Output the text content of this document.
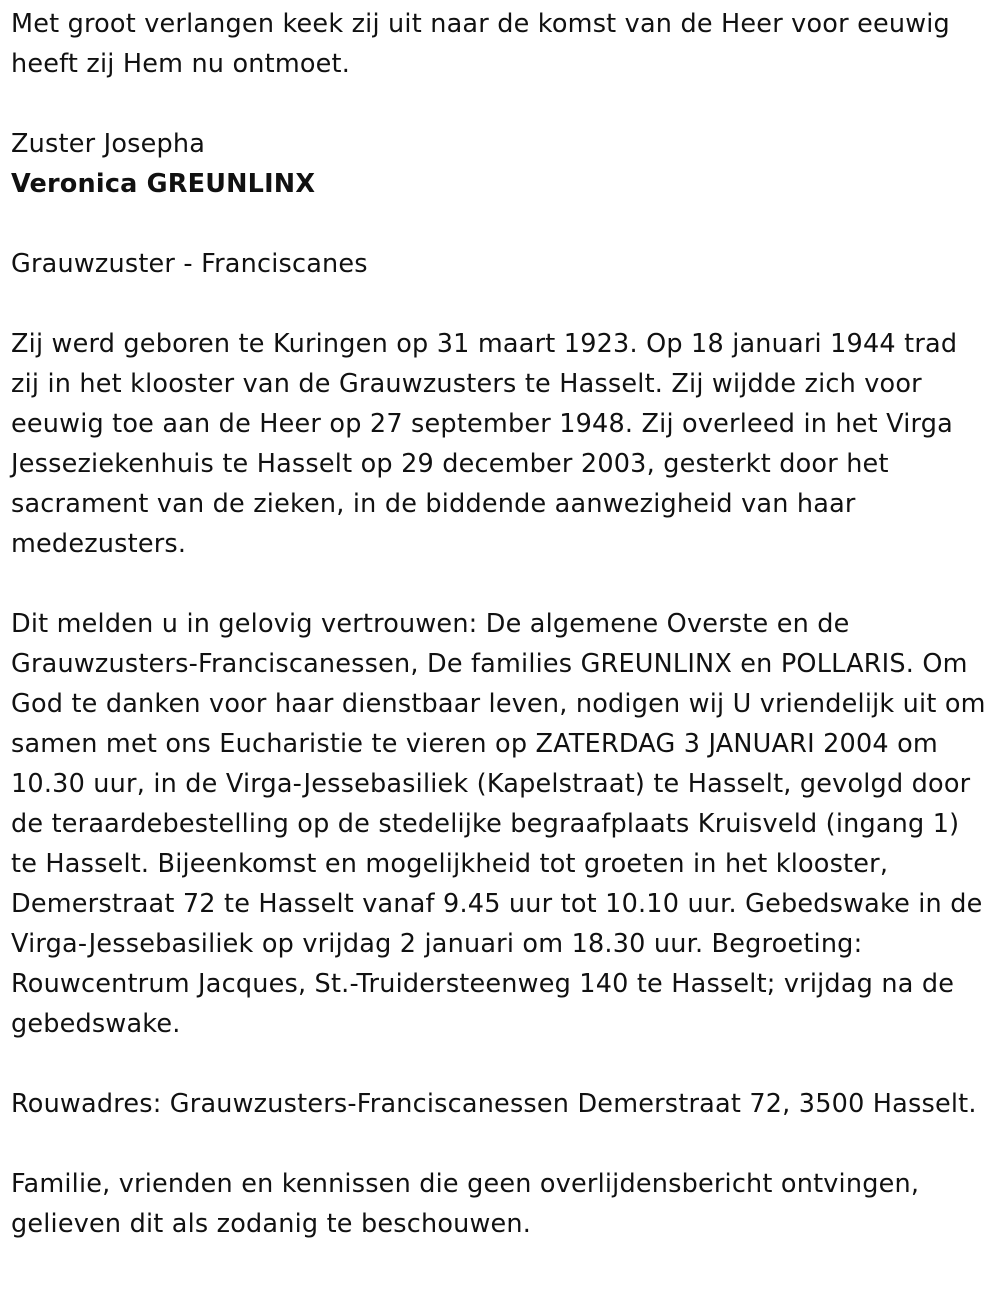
Met groot verlangen keek zij uit naar de komst van de Heer voor eeuwig heeft zij Hem nu ontmoet.

Zuster Josepha

Veronica GREUNLINX

Grauwzuster - Franciscanes

Zij werd geboren te Kuringen op 31 maart 1923. Op 18 januari 1944 trad zij in het klooster van de Grauwzusters te Hasselt. Zij wijdde zich voor eeuwig toe aan de Heer op 27 september 1948. Zij overleed in het Virga Jesseziekenhuis te Hasselt op 29 december 2003, gesterkt door het sacrament van de zieken, in de biddende aanwezigheid van haar medezusters.

Dit melden u in gelovig vertrouwen: De algemene Overste en de Grauwzusters-Franciscanessen, De families GREUNLINX en POLLARIS. Om God te danken voor haar dienstbaar leven, nodigen wij U vriendelijk uit om samen met ons Eucharistie te vieren op ZATERDAG 3 JANUARI 2004 om 10.30 uur, in de Virga-Jessebasiliek (Kapelstraat) te Hasselt, gevolgd door de teraardebestelling op de stedelijke begraafplaats Kruisveld (ingang 1) te Hasselt. Bijeenkomst en mogelijkheid tot groeten in het klooster, Demerstraat 72 te Hasselt vanaf 9.45 uur tot 10.10 uur. Gebedswake in de Virga-Jessebasiliek op vrijdag 2 januari om 18.30 uur. Begroeting: Rouwcentrum Jacques, St.-Truidersteenweg 140 te Hasselt; vrijdag na de gebedswake.

Rouwadres: Grauwzusters-Franciscanessen Demerstraat 72, 3500 Hasselt.

Familie, vrienden en kennissen die geen overlijdensbericht ontvingen, gelieven dit als zodanig te beschouwen.
